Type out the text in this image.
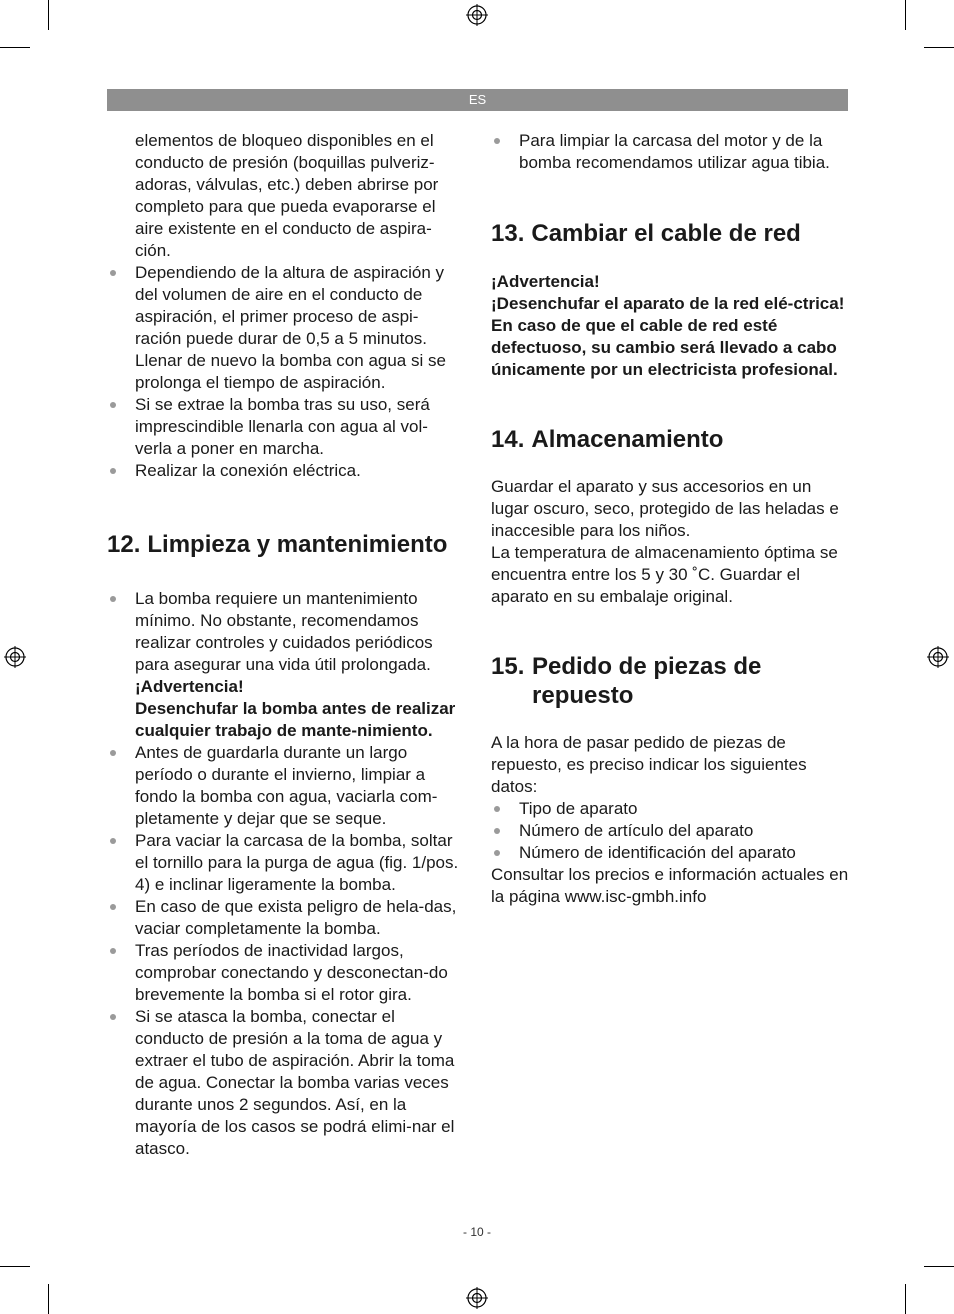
ES

elementos de bloqueo disponibles en el conducto de presión (boquillas pulveriz-adoras, válvulas, etc.) deben abrirse por completo para que pueda evaporarse el aire existente en el conducto de aspira-ción.

Dependiendo de la altura de aspiración y del volumen de aire en el conducto de aspiración, el primer proceso de aspi-ración puede durar de 0,5 a 5 minutos. Llenar de nuevo la bomba con agua si se prolonga el tiempo de aspiración.
Si se extrae la bomba tras su uso, será imprescindible llenarla con agua al vol-verla a poner en marcha.
Realizar la conexión eléctrica.
12. Limpieza y mantenimiento
La bomba requiere un mantenimiento mínimo. No obstante, recomendamos realizar controles y cuidados periódicos para asegurar una vida útil prolongada.

¡Advertencia!

Desenchufar la bomba antes de realizar cualquier trabajo de mante-nimiento.

Antes de guardarla durante un largo período o durante el invierno, limpiar a fondo la bomba con agua, vaciarla com-pletamente y dejar que se seque.
Para vaciar la carcasa de la bomba, soltar el tornillo para la purga de agua (fig. 1/pos. 4) e inclinar ligeramente la bomba.
En caso de que exista peligro de hela-das, vaciar completamente la bomba.
Tras períodos de inactividad largos, comprobar conectando y desconectan-do brevemente la bomba si el rotor gira.
Si se atasca la bomba, conectar el conducto de presión a la toma de agua y extraer el tubo de aspiración. Abrir la toma de agua. Conectar la bomba varias veces durante unos 2 segundos. Así, en la mayoría de los casos se podrá elimi-nar el atasco.
Para limpiar la carcasa del motor y de la bomba recomendamos utilizar agua tibia.
13. Cambiar el cable de red

¡Advertencia!

¡Desenchufar el aparato de la red elé-ctrica! En caso de que el cable de red esté defectuoso, su cambio será llevado a cabo únicamente por un electricista profesional.

14. Almacenamiento

Guardar el aparato y sus accesorios en un lugar oscuro, seco, protegido de las heladas e inaccesible para los niños.

La temperatura de almacenamiento óptima se encuentra entre los 5 y 30 ˚C. Guardar el aparato en su embalaje original.

15. Pedido de piezas de repuesto

A la hora de pasar pedido de piezas de repuesto, es preciso indicar los siguientes datos:

Tipo de aparato
Número de artículo del aparato
Número de identificación del aparato

Consultar los precios e información actuales en la página www.isc-gmbh.info

- 10 -
